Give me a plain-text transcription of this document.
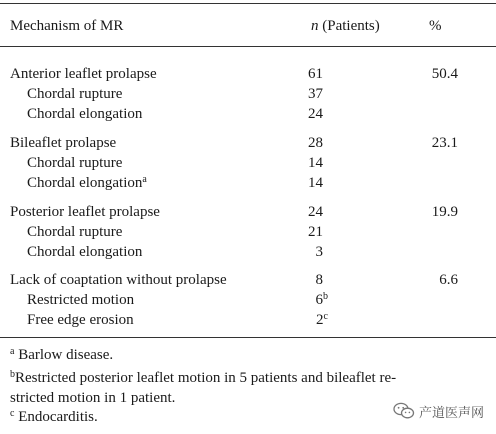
Mechanism of MR	n (Patients)	%
Anterior leaflet prolapse	61	50.4
Chordal rupture	37
Chordal elongation	24
Bileaflet prolapse	28	23.1
Chordal rupture	14
Chordal elongation$^a$	14
Posterior leaflet prolapse	24	19.9
Chordal rupture	21
Chordal elongation	3
Lack of coaptation without prolapse	8	6.6
Restricted motion	6$^b$
Free edge erosion	2$^c$
$^a$ Barlow disease.
$^b$Restricted posterior leaflet motion in 5 patients and bileaflet re-
stricted motion in 1 patient.
$^c$ Endocarditis.	产道医声网
